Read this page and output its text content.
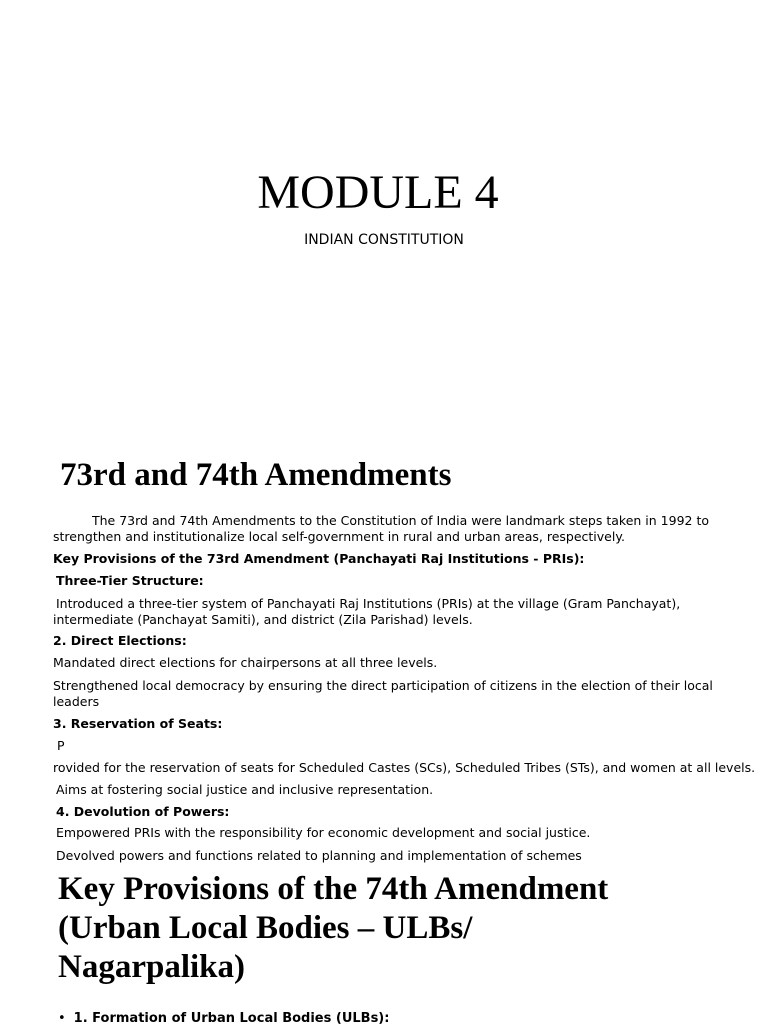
MODULE 4
INDIAN CONSTITUTION
73rd and 74th Amendments
The 73rd and 74th Amendments to the Constitution of India were landmark steps taken in 1992 to
strengthen and institutionalize local self-government in rural and urban areas, respectively.
Key Provisions of the 73rd Amendment (Panchayati Raj Institutions - PRIs):
Three-Tier Structure:
Introduced a three-tier system of Panchayati Raj Institutions (PRIs) at the village (Gram Panchayat),
intermediate (Panchayat Samiti), and district (Zila Parishad) levels.
2. Direct Elections:
Mandated direct elections for chairpersons at all three levels.
Strengthened local democracy by ensuring the direct participation of citizens in the election of their local
leaders
3. Reservation of Seats:
P
rovided for the reservation of seats for Scheduled Castes (SCs), Scheduled Tribes (STs), and women at all levels.
Aims at fostering social justice and inclusive representation.
4. Devolution of Powers:
Empowered PRIs with the responsibility for economic development and social justice.
Devolved powers and functions related to planning and implementation of schemes
Key Provisions of the 74th Amendment
(Urban Local Bodies – ULBs/
Nagarpalika)
• 1. Formation of Urban Local Bodies (ULBs):
